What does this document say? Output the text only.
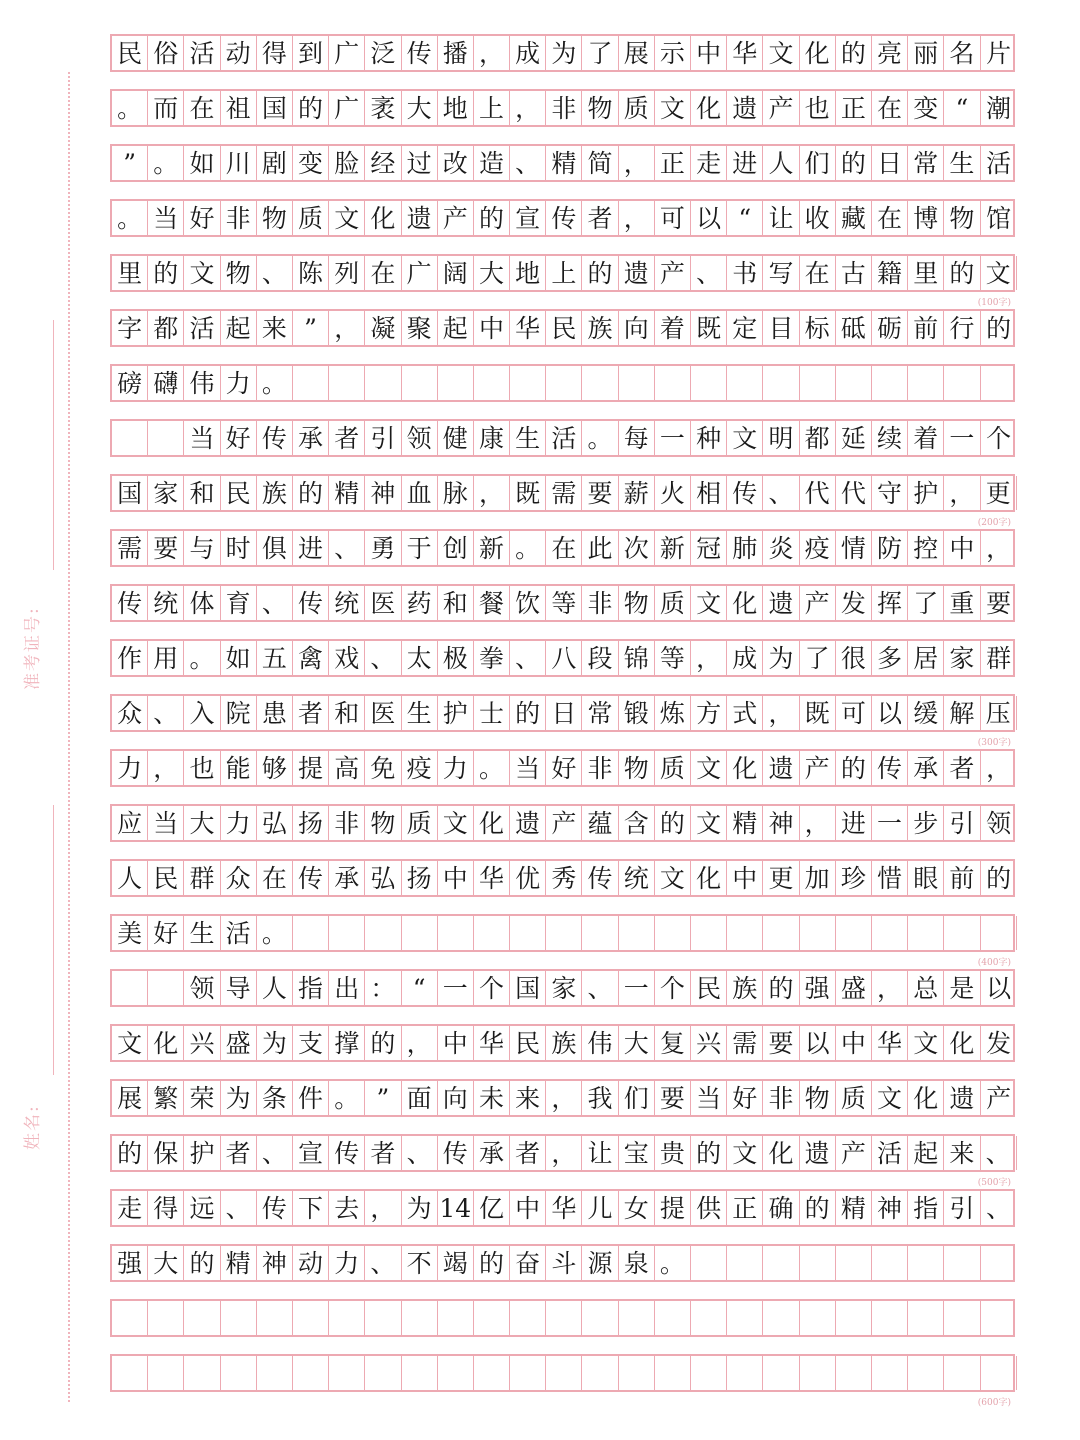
准考证号:
姓名:
民 俗 活 动 得 到 广 泛 传 播 ， 成 为 了 展 示 中 华 文 化 的 亮 丽 名 片
。 而 在 祖 国 的 广 袤 大 地 上 ， 非 物 质 文 化 遗 产 也 正 在 变 “ 潮
” 。 如 川 剧 变 脸 经 过 改 造 、 精 简 ， 正 走 进 人 们 的 日 常 生 活
。 当 好 非 物 质 文 化 遗 产 的 宣 传 者 ， 可 以 “ 让 收 藏 在 博 物 馆
里 的 文 物 、 陈 列 在 广 阔 大 地 上 的 遗 产 、 书 写 在 古 籍 里 的 文
(100字)
字 都 活 起 来 ” ， 凝 聚 起 中 华 民 族 向 着 既 定 目 标 砥 砺 前 行 的
磅 礴 伟 力 。
当 好 传 承 者 引 领 健 康 生 活 。 每 一 种 文 明 都 延 续 着 一 个
国 家 和 民 族 的 精 神 血 脉 ， 既 需 要 薪 火 相 传 、 代 代 守 护 ， 更
(200字)
需 要 与 时 俱 进 、 勇 于 创 新 。 在 此 次 新 冠 肺 炎 疫 情 防 控 中 ，
传 统 体 育 、 传 统 医 药 和 餐 饮 等 非 物 质 文 化 遗 产 发 挥 了 重 要
作 用 。 如 五 禽 戏 、 太 极 拳 、 八 段 锦 等 ， 成 为 了 很 多 居 家 群
众 、 入 院 患 者 和 医 生 护 士 的 日 常 锻 炼 方 式 ， 既 可 以 缓 解 压
(300字)
力 ， 也 能 够 提 高 免 疫 力 。 当 好 非 物 质 文 化 遗 产 的 传 承 者 ，
应 当 大 力 弘 扬 非 物 质 文 化 遗 产 蕴 含 的 文 精 神 ， 进 一 步 引 领
人 民 群 众 在 传 承 弘 扬 中 华 优 秀 传 统 文 化 中 更 加 珍 惜 眼 前 的
美 好 生 活 。
(400字)
领 导 人 指 出 ： “ 一 个 国 家 、 一 个 民 族 的 强 盛 ， 总 是 以
文 化 兴 盛 为 支 撑 的 ， 中 华 民 族 伟 大 复 兴 需 要 以 中 华 文 化 发
展 繁 荣 为 条 件 。 ” 面 向 未 来 ， 我 们 要 当 好 非 物 质 文 化 遗 产
的 保 护 者 、 宣 传 者 、 传 承 者 ， 让 宝 贵 的 文 化 遗 产 活 起 来 、
(500字)
走 得 远 、 传 下 去 ， 为 14 亿 中 华 儿 女 提 供 正 确 的 精 神 指 引 、
强 大 的 精 神 动 力 、 不 竭 的 奋 斗 源 泉 。
(600字)
